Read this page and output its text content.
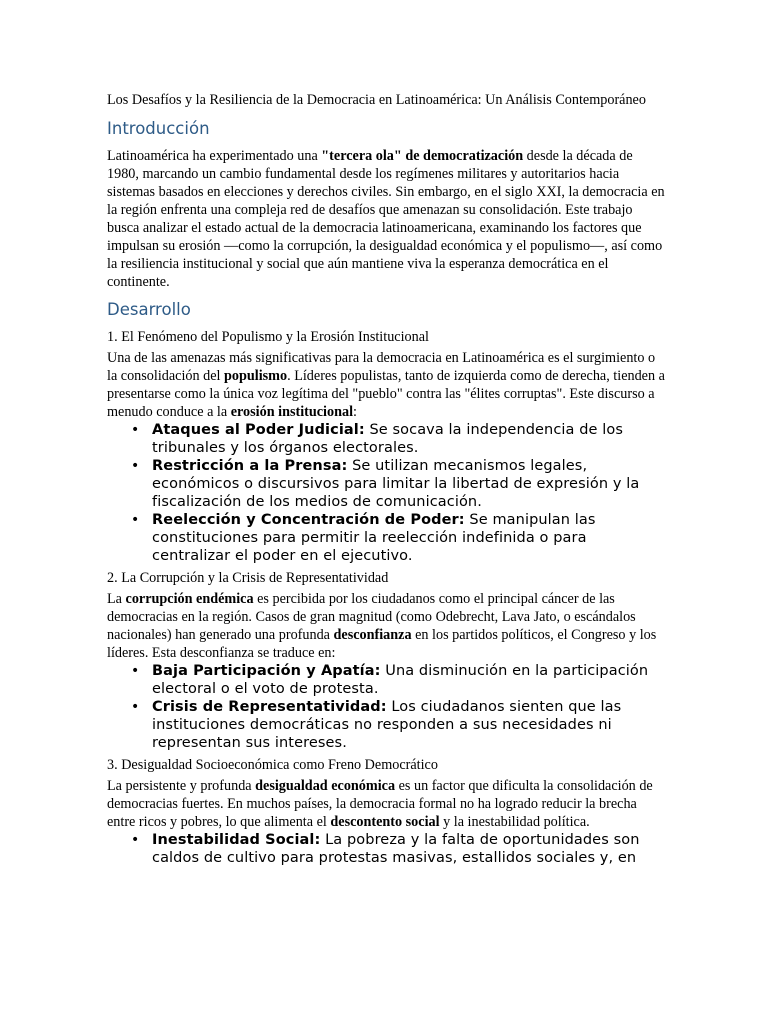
Los Desafíos y la Resiliencia de la Democracia en Latinoamérica: Un Análisis Contemporáneo

Introducción

Latinoamérica ha experimentado una "tercera ola" de democratización desde la década de 1980, marcando un cambio fundamental desde los regímenes militares y autoritarios hacia sistemas basados en elecciones y derechos civiles. Sin embargo, en el siglo XXI, la democracia en la región enfrenta una compleja red de desafíos que amenazan su consolidación. Este trabajo busca analizar el estado actual de la democracia latinoamericana, examinando los factores que impulsan su erosión —como la corrupción, la desigualdad económica y el populismo—, así como la resiliencia institucional y social que aún mantiene viva la esperanza democrática en el continente.

Desarrollo

1. El Fenómeno del Populismo y la Erosión Institucional

Una de las amenazas más significativas para la democracia en Latinoamérica es el surgimiento o la consolidación del populismo. Líderes populistas, tanto de izquierda como de derecha, tienden a presentarse como la única voz legítima del "pueblo" contra las "élites corruptas". Este discurso a menudo conduce a la erosión institucional:

• Ataques al Poder Judicial: Se socava la independencia de los tribunales y los órganos electorales.
• Restricción a la Prensa: Se utilizan mecanismos legales, económicos o discursivos para limitar la libertad de expresión y la fiscalización de los medios de comunicación.
• Reelección y Concentración de Poder: Se manipulan las constituciones para permitir la reelección indefinida o para centralizar el poder en el ejecutivo.

2. La Corrupción y la Crisis de Representatividad

La corrupción endémica es percibida por los ciudadanos como el principal cáncer de las democracias en la región. Casos de gran magnitud (como Odebrecht, Lava Jato, o escándalos nacionales) han generado una profunda desconfianza en los partidos políticos, el Congreso y los líderes. Esta desconfianza se traduce en:

• Baja Participación y Apatía: Una disminución en la participación electoral o el voto de protesta.
• Crisis de Representatividad: Los ciudadanos sienten que las instituciones democráticas no responden a sus necesidades ni representan sus intereses.

3. Desigualdad Socioeconómica como Freno Democrático

La persistente y profunda desigualdad económica es un factor que dificulta la consolidación de democracias fuertes. En muchos países, la democracia formal no ha logrado reducir la brecha entre ricos y pobres, lo que alimenta el descontento social y la inestabilidad política.

• Inestabilidad Social: La pobreza y la falta de oportunidades son caldos de cultivo para protestas masivas, estallidos sociales y, en
